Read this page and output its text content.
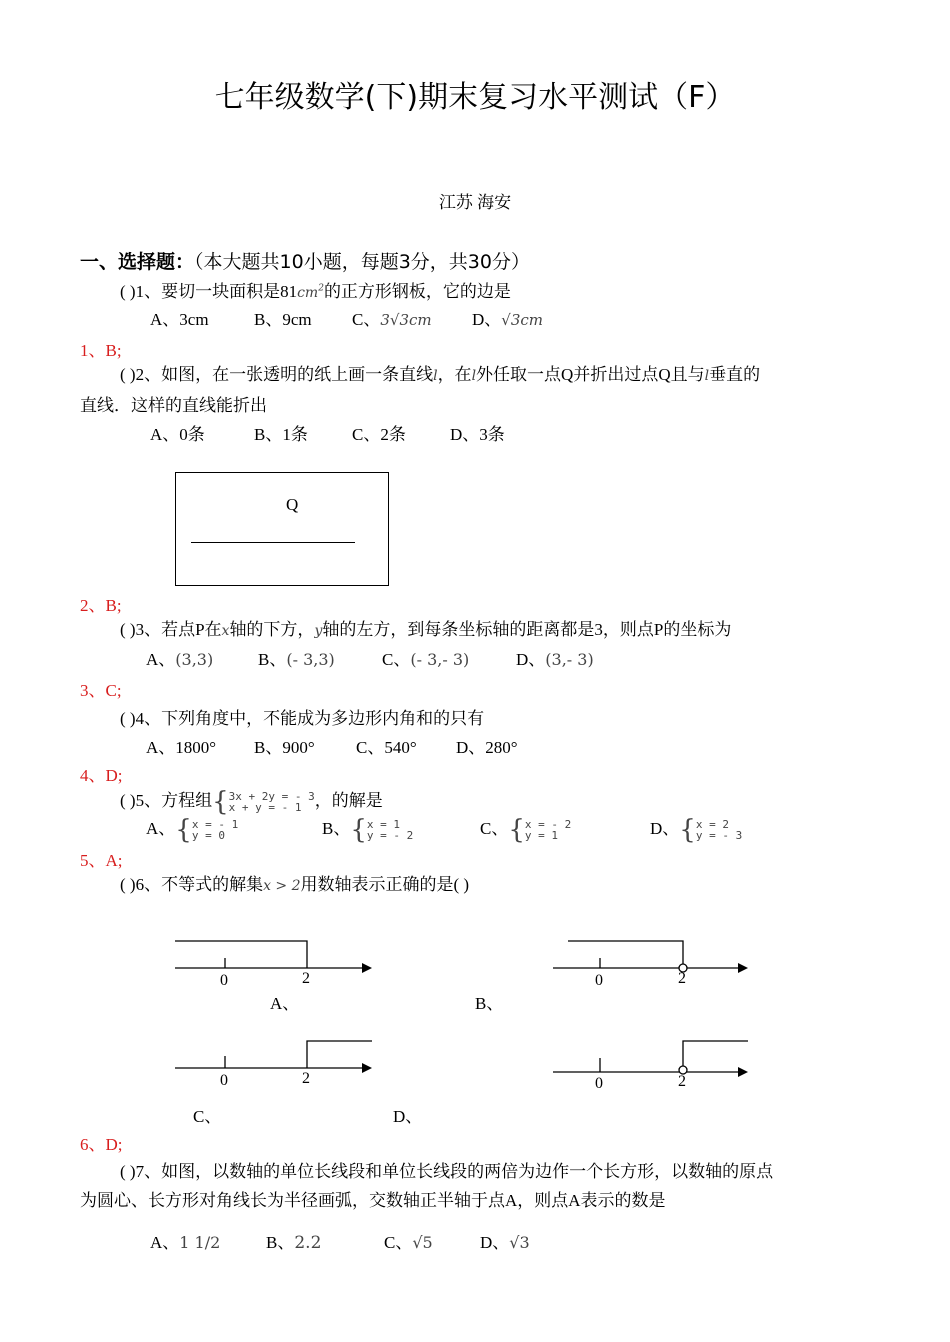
七年级数学(下)期末复习水平测试（F）
江苏 海安
一、选择题：（本大题共10小题，每题3分，共30分）
( )1、要切一块面积是$81cm^2$的正方形钢板，它的边是
A、3cm	B、9cm C、3√3cm D、√3cm
1、B;
( )2、如图，在一张透明的纸上画一条直线l，在l外任取一点Q并折出过点Q且与l垂直的
直线．这样的直线能折出
A、0条	B、1条	C、2条	D、3条
Q
2、B;
( )3、若点P在x轴的下方，y轴的左方，到每条坐标轴的距离都是3，则点P的坐标为
A、(3,3)	B、(- 3,3)	C、(- 3,- 3)	D、(3,- 3)
3、C;
( )4、下列角度中，不能成为多边形内角和的只有
A、1800° B、900° C、540° D、280°
4、D;
( )5、方程组{ 3x + 2y = - 3
x + y = - 1 ，的解是
A、{ x = - 1
y = 0	B、{ x = 1
y = - 2	C、{ x = - 2
y = 1	D、{ x = 2
y = - 3
5、A;
( )6、不等式的解集x > 2用数轴表示正确的是( )
0	2
A、
0	2
B、
0	2
C、
0	2
D、
6、D;
( )7、如图，以数轴的单位长线段和单位长线段的两倍为边作一个长方形，以数轴的原点
为圆心、长方形对角线长为半径画弧，交数轴正半轴于点A，则点A表示的数是
A、1 1/2	B、2.2	C、√5	D、√3
